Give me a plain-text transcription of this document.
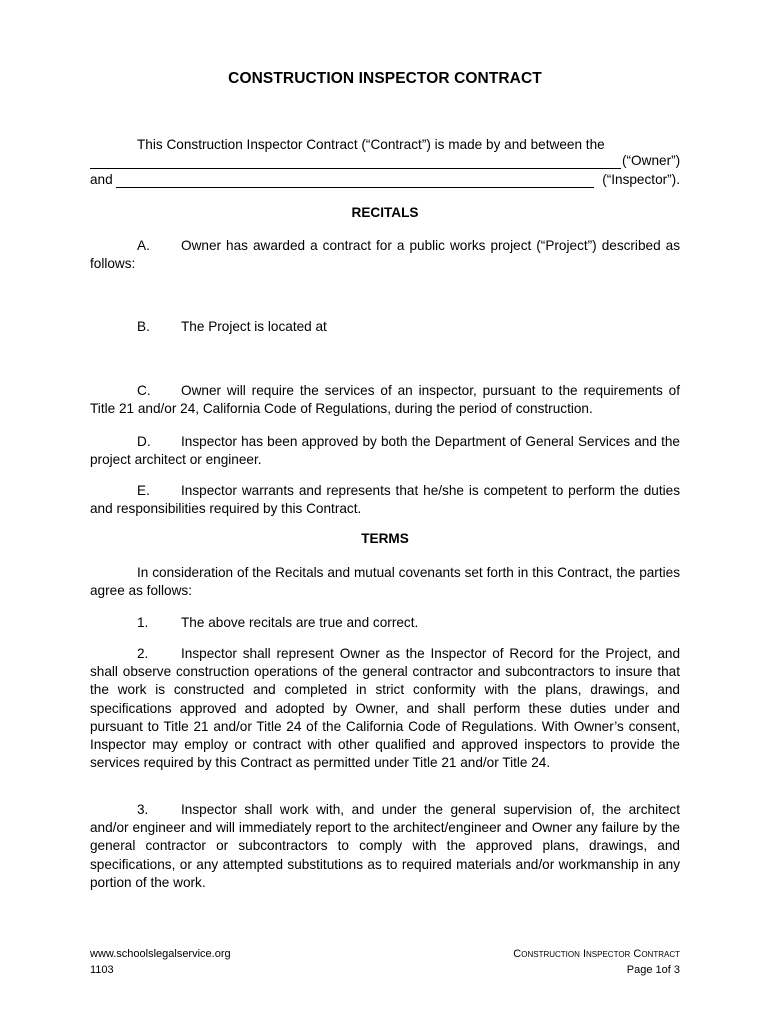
CONSTRUCTION INSPECTOR CONTRACT

This Construction Inspector Contract (“Contract”) is made by and between the

(“Owner”)
and	(“Inspector”).
RECITALS

A. Owner has awarded a contract for a public works project (“Project”) described as follows:

B. The Project is located at

C. Owner will require the services of an inspector, pursuant to the requirements of Title 21 and/or 24, California Code of Regulations, during the period of construction.

D. Inspector has been approved by both the Department of General Services and the project architect or engineer.

E. Inspector warrants and represents that he/she is competent to perform the duties and responsibilities required by this Contract.

TERMS

In consideration of the Recitals and mutual covenants set forth in this Contract, the parties agree as follows:

1. The above recitals are true and correct.

2. Inspector shall represent Owner as the Inspector of Record for the Project, and shall observe construction operations of the general contractor and subcontractors to insure that the work is constructed and completed in strict conformity with the plans, drawings, and specifications approved and adopted by Owner, and shall perform these duties under and pursuant to Title 21 and/or Title 24 of the California Code of Regulations. With Owner’s consent, Inspector may employ or contract with other qualified and approved inspectors to provide the services required by this Contract as permitted under Title 21 and/or Title 24.

3. Inspector shall work with, and under the general supervision of, the architect and/or engineer and will immediately report to the architect/engineer and Owner any failure by the general contractor or subcontractors to comply with the approved plans, drawings, and specifications, or any attempted substitutions as to required materials and/or workmanship in any portion of the work.

www.schoolslegalservice.org
1103
Construction Inspector Contract
Page 1of 3
